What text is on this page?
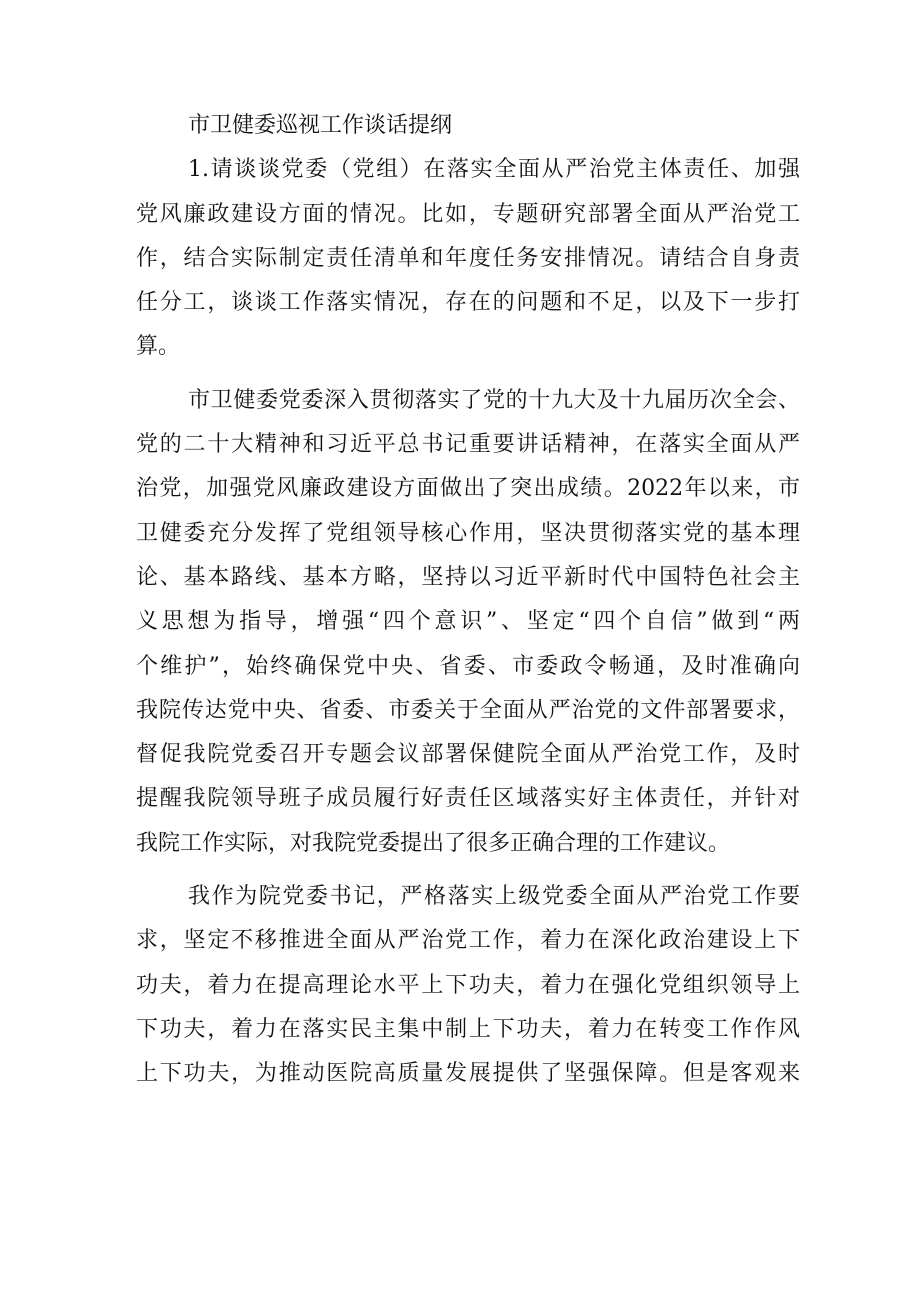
市卫健委巡视工作谈话提纲
1.请谈谈党委（党组）在落实全面从严治党主体责任、加强
党风廉政建设方面的情况。比如，专题研究部署全面从严治党工
作，结合实际制定责任清单和年度任务安排情况。请结合自身责
任分工，谈谈工作落实情况，存在的问题和不足，以及下一步打
算。
市卫健委党委深入贯彻落实了党的十九大及十九届历次全会、
党的二十大精神和习近平总书记重要讲话精神，在落实全面从严
治党，加强党风廉政建设方面做出了突出成绩。2022年以来，市
卫健委充分发挥了党组领导核心作用，坚决贯彻落实党的基本理
论、基本路线、基本方略，坚持以习近平新时代中国特色社会主
义思想为指导，增强“四个意识”、坚定“四个自信”做到“两
个维护”，始终确保党中央、省委、市委政令畅通，及时准确向
我院传达党中央、省委、市委关于全面从严治党的文件部署要求，
督促我院党委召开专题会议部署保健院全面从严治党工作，及时
提醒我院领导班子成员履行好责任区域落实好主体责任，并针对
我院工作实际，对我院党委提出了很多正确合理的工作建议。
我作为院党委书记，严格落实上级党委全面从严治党工作要
求，坚定不移推进全面从严治党工作，着力在深化政治建设上下
功夫，着力在提高理论水平上下功夫，着力在强化党组织领导上
下功夫，着力在落实民主集中制上下功夫，着力在转变工作作风
上下功夫，为推动医院高质量发展提供了坚强保障。但是客观来
